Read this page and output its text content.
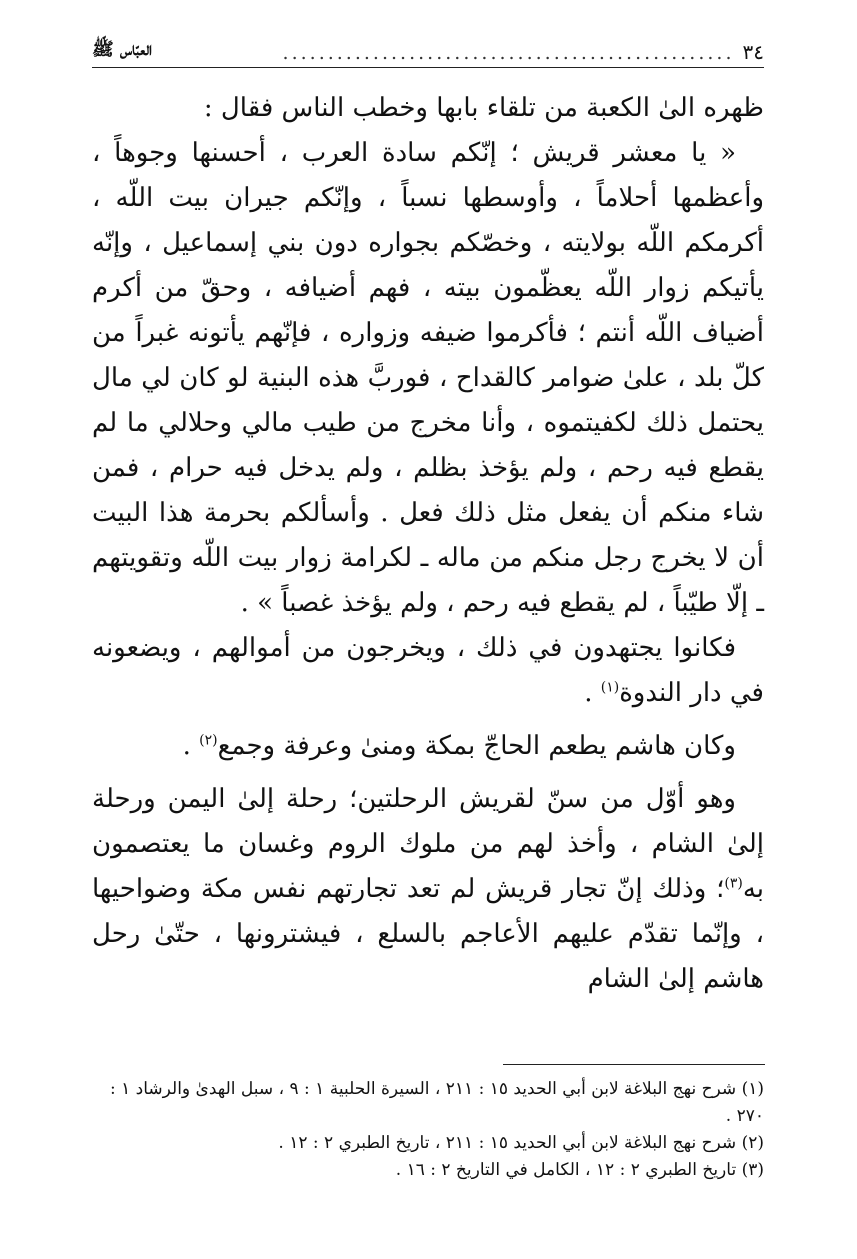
العبّاس ﷺ	.................................................. ٣٤

ظهره الىٰ الكعبة من تلقاء بابها وخطب الناس فقال :

« يا معشر قريش ؛ إنّكم سادة العرب ، أحسنها وجوهاً ، وأعظمها أحلاماً ، وأوسطها نسباً ، وإنّكم جيران بيت اللّه ، أكرمكم اللّه بولايته ، وخصّكم بجواره دون بني إسماعيل ، وإنّه يأتيكم زوار اللّه يعظّمون بيته ، فهم أضيافه ، وحقّ من أكرم أضياف اللّه أنتم ؛ فأكرموا ضيفه وزواره ، فإنّهم يأتونه غبراً من كلّ بلد ، علىٰ ضوامر كالقداح ، فوربَّ هذه البنية لو كان لي مال يحتمل ذلك لكفيتموه ، وأنا مخرج من طيب مالي وحلالي ما لم يقطع فيه رحم ، ولم يؤخذ بظلم ، ولم يدخل فيه حرام ، فمن شاء منكم أن يفعل مثل ذلك فعل . وأسألكم بحرمة هذا البيت أن لا يخرج رجل منكم من ماله ـ لكرامة زوار بيت اللّه وتقويتهم ـ إلّا طيّباً ، لم يقطع فيه رحم ، ولم يؤخذ غصباً » .

فكانوا يجتهدون في ذلك ، ويخرجون من أموالهم ، ويضعونه في دار الندوة$^{(١)}$ .

وكان هاشم يطعم الحاجّ بمكة ومنىٰ وعرفة وجمع$^{(٢)}$ .

وهو أوّل من سنّ لقريش الرحلتين؛ رحلة إلىٰ اليمن ورحلة إلىٰ الشام ، وأخذ لهم من ملوك الروم وغسان ما يعتصمون به$^{(٣)}$؛ وذلك إنّ تجار قريش لم تعد تجارتهم نفس مكة وضواحيها ، وإنّما تقدّم عليهم الأعاجم بالسلع ، فيشترونها ، حتّىٰ رحل هاشم إلىٰ الشام

(١) شرح نهج البلاغة لابن أبي الحديد ١٥ : ٢١١ ، السيرة الحلبية ١ : ٩ ، سبل الهدىٰ والرشاد ١ : ٢٧٠ .

(٢) شرح نهج البلاغة لابن أبي الحديد ١٥ : ٢١١ ، تاريخ الطبري ٢ : ١٢ .

(٣) تاريخ الطبري ٢ : ١٢ ، الكامل في التاريخ ٢ : ١٦ .
